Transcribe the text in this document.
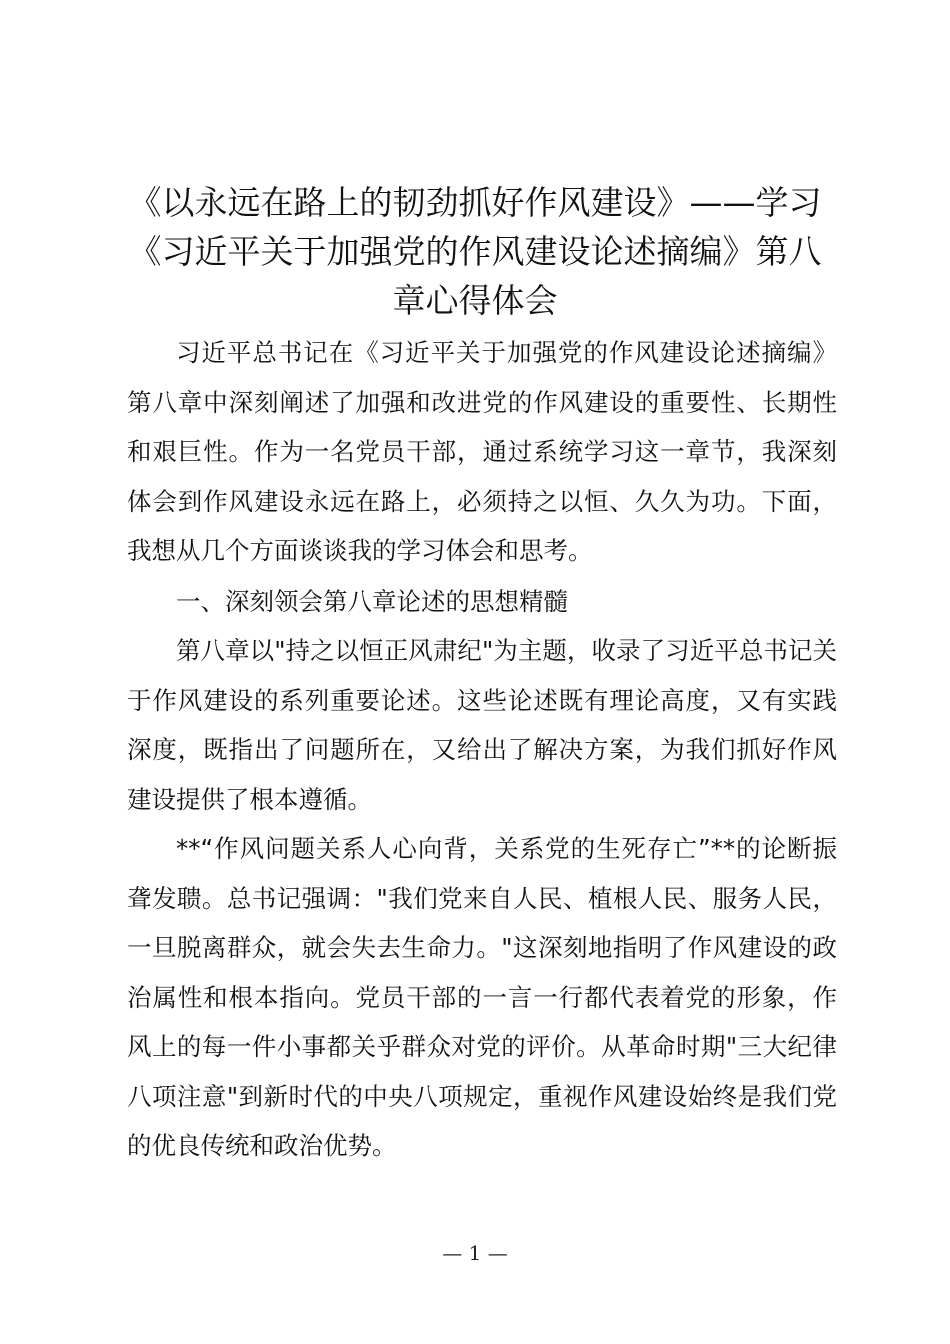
《以永远在路上的韧劲抓好作风建设》——学习《习近平关于加强党的作风建设论述摘编》第八章心得体会

习近平总书记在《习近平关于加强党的作风建设论述摘编》第八章中深刻阐述了加强和改进党的作风建设的重要性、长期性和艰巨性。作为一名党员干部，通过系统学习这一章节，我深刻体会到作风建设永远在路上，必须持之以恒、久久为功。下面，我想从几个方面谈谈我的学习体会和思考。

一、深刻领会第八章论述的思想精髓

第八章以"持之以恒正风肃纪"为主题，收录了习近平总书记关于作风建设的系列重要论述。这些论述既有理论高度，又有实践深度，既指出了问题所在，又给出了解决方案，为我们抓好作风建设提供了根本遵循。

**“作风问题关系人心向背，关系党的生死存亡”**的论断振聋发聩。总书记强调："我们党来自人民、植根人民、服务人民，一旦脱离群众，就会失去生命力。"这深刻地指明了作风建设的政治属性和根本指向。党员干部的一言一行都代表着党的形象，作风上的每一件小事都关乎群众对党的评价。从革命时期"三大纪律八项注意"到新时代的中央八项规定，重视作风建设始终是我们党的优良传统和政治优势。

— 1 —
